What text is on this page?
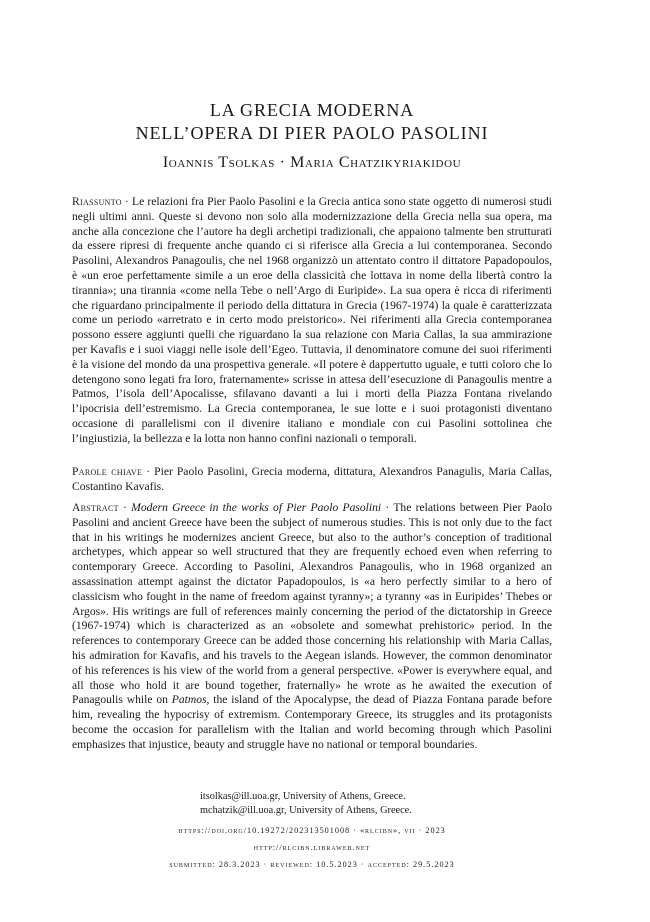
LA GRECIA MODERNA
NELL’OPERA DI PIER PAOLO PASOLINI
Ioannis Tsolkas · Maria Chatzikyriakidou
Riassunto · Le relazioni fra Pier Paolo Pasolini e la Grecia antica sono state oggetto di numerosi studi negli ultimi anni. Queste si devono non solo alla modernizzazione della Grecia nella sua opera, ma anche alla concezione che l’autore ha degli archetipi tradizionali, che appaiono talmente ben strutturati da essere ripresi di frequente anche quando ci si riferisce alla Grecia a lui contemporanea. Secondo Pasolini, Alexandros Panagoulis, che nel 1968 organizzò un attentato contro il dittatore Papadopoulos, è «un eroe perfettamente simile a un eroe della classicità che lottava in nome della libertà contro la tirannia»; una tirannia «come nella Tebe o nell’Argo di Euripide». La sua opera è ricca di riferimenti che riguardano principalmente il periodo della dittatura in Grecia (1967-1974) la quale è caratterizzata come un periodo «arretrato e in certo modo preistorico». Nei riferimenti alla Grecia contemporanea possono essere aggiunti quelli che riguardano la sua relazione con Maria Callas, la sua ammirazione per Kavafis e i suoi viaggi nelle isole dell’Egeo. Tuttavia, il denominatore comune dei suoi riferimenti è la visione del mondo da una prospettiva generale. «Il potere è dappertutto uguale, e tutti coloro che lo detengono sono legati fra loro, fraternamente» scrisse in attesa dell’esecuzione di Panagoulis mentre a Patmos, l’isola dell’Apocalisse, sfilavano davanti a lui i morti della Piazza Fontana rivelando l’ipocrisia dell’estremismo. La Grecia contemporanea, le sue lotte e i suoi protagonisti diventano occasione di parallelismi con il divenire italiano e mondiale con cui Pasolini sottolinea che l’ingiustizia, la bellezza e la lotta non hanno confini nazionali o temporali.
Parole chiave · Pier Paolo Pasolini, Grecia moderna, dittatura, Alexandros Panagulis, Maria Callas, Costantino Kavafis.
Abstract · Modern Greece in the works of Pier Paolo Pasolini · The relations between Pier Paolo Pasolini and ancient Greece have been the subject of numerous studies. This is not only due to the fact that in his writings he modernizes ancient Greece, but also to the author’s conception of traditional archetypes, which appear so well structured that they are frequently echoed even when referring to contemporary Greece. According to Pasolini, Alexandros Panagoulis, who in 1968 organized an assassination attempt against the dictator Papadopoulos, is «a hero perfectly similar to a hero of classicism who fought in the name of freedom against tyranny»; a tyranny «as in Euripides’ Thebes or Argos». His writings are full of references mainly concerning the period of the dictatorship in Greece (1967-1974) which is characterized as an «obsolete and somewhat prehistoric» period. In the references to contemporary Greece can be added those concerning his relationship with Maria Callas, his admiration for Kavafis, and his travels to the Aegean islands. However, the common denominator of his references is his view of the world from a general perspective. «Power is everywhere equal, and all those who hold it are bound together, fraternally» he wrote as he awaited the execution of Panagoulis while on Patmos, the island of the Apocalypse, the dead of Piazza Fontana parade before him, revealing the hypocrisy of extremism. Contemporary Greece, its struggles and its protagonists become the occasion for parallelism with the Italian and world becoming through which Pasolini emphasizes that injustice, beauty and struggle have no national or temporal boundaries.
itsolkas@ill.uoa.gr, University of Athens, Greece.
mchatzik@ill.uoa.gr, University of Athens, Greece.
https://doi.org/10.19272/202313501008 · «rlcibn», vii · 2023
http://rlcibn.libraweb.net
submitted: 28.3.2023 · reviewed: 10.5.2023 · accepted: 29.5.2023
